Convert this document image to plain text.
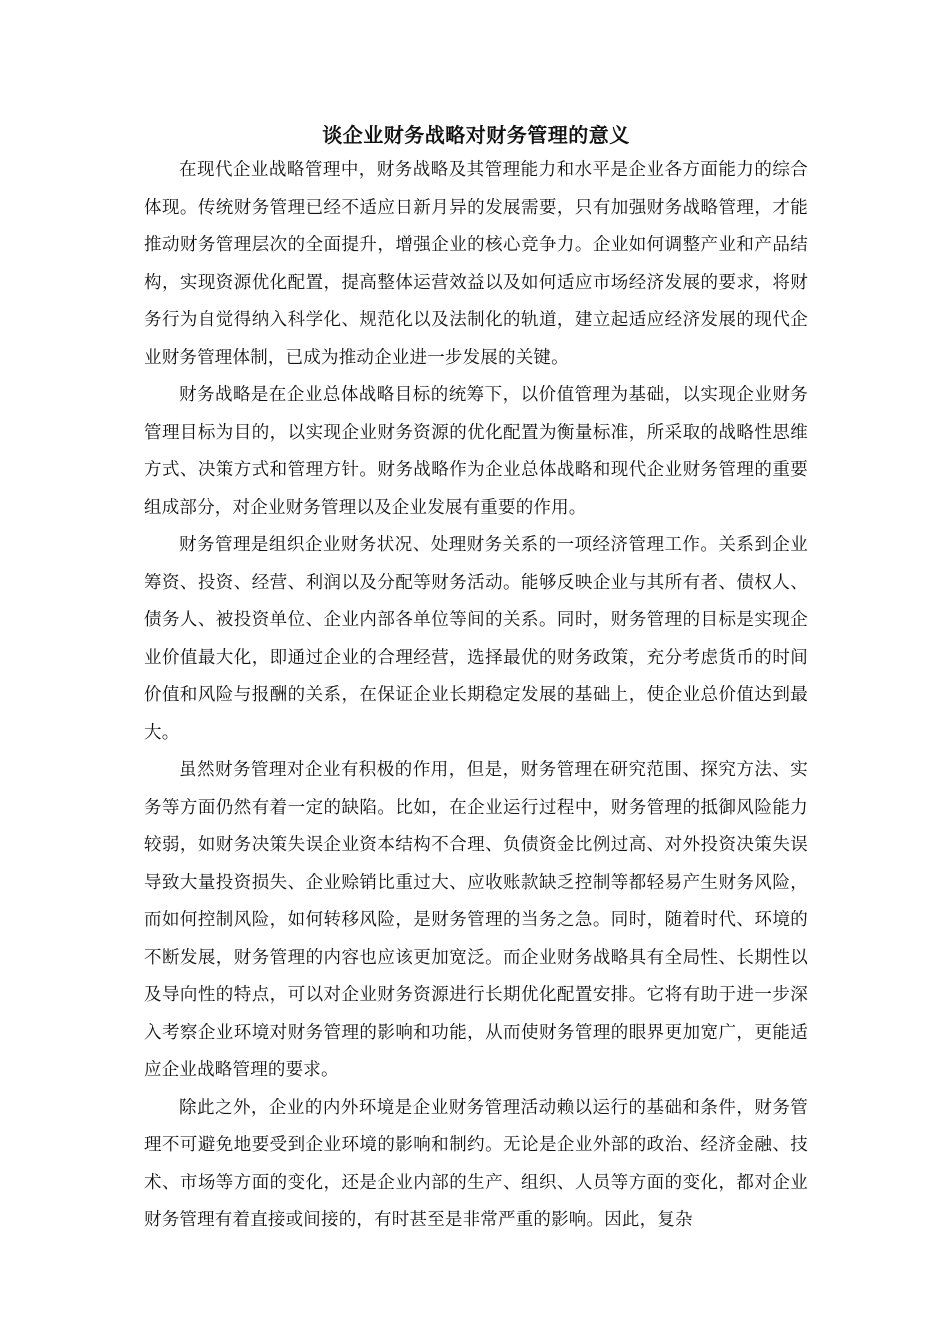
谈企业财务战略对财务管理的意义

在现代企业战略管理中，财务战略及其管理能力和水平是企业各方面能力的综合体现。传统财务管理已经不适应日新月异的发展需要，只有加强财务战略管理，才能推动财务管理层次的全面提升，增强企业的核心竞争力。企业如何调整产业和产品结构，实现资源优化配置，提高整体运营效益以及如何适应市场经济发展的要求，将财务行为自觉得纳入科学化、规范化以及法制化的轨道，建立起适应经济发展的现代企业财务管理体制，已成为推动企业进一步发展的关键。

财务战略是在企业总体战略目标的统筹下，以价值管理为基础，以实现企业财务管理目标为目的，以实现企业财务资源的优化配置为衡量标准，所采取的战略性思维方式、决策方式和管理方针。财务战略作为企业总体战略和现代企业财务管理的重要组成部分，对企业财务管理以及企业发展有重要的作用。

财务管理是组织企业财务状况、处理财务关系的一项经济管理工作。关系到企业筹资、投资、经营、利润以及分配等财务活动。能够反映企业与其所有者、债权人、债务人、被投资单位、企业内部各单位等间的关系。同时，财务管理的目标是实现企业价值最大化，即通过企业的合理经营，选择最优的财务政策，充分考虑货币的时间价值和风险与报酬的关系，在保证企业长期稳定发展的基础上，使企业总价值达到最大。

虽然财务管理对企业有积极的作用，但是，财务管理在研究范围、探究方法、实务等方面仍然有着一定的缺陷。比如，在企业运行过程中，财务管理的抵御风险能力较弱，如财务决策失误企业资本结构不合理、负债资金比例过高、对外投资决策失误导致大量投资损失、企业赊销比重过大、应收账款缺乏控制等都轻易产生财务风险，而如何控制风险，如何转移风险，是财务管理的当务之急。同时，随着时代、环境的不断发展，财务管理的内容也应该更加宽泛。而企业财务战略具有全局性、长期性以及导向性的特点，可以对企业财务资源进行长期优化配置安排。它将有助于进一步深入考察企业环境对财务管理的影响和功能，从而使财务管理的眼界更加宽广，更能适应企业战略管理的要求。

除此之外，企业的内外环境是企业财务管理活动赖以运行的基础和条件，财务管理不可避免地要受到企业环境的影响和制约。无论是企业外部的政治、经济金融、技术、市场等方面的变化，还是企业内部的生产、组织、人员等方面的变化，都对企业财务管理有着直接或间接的，有时甚至是非常严重的影响。因此，复杂
